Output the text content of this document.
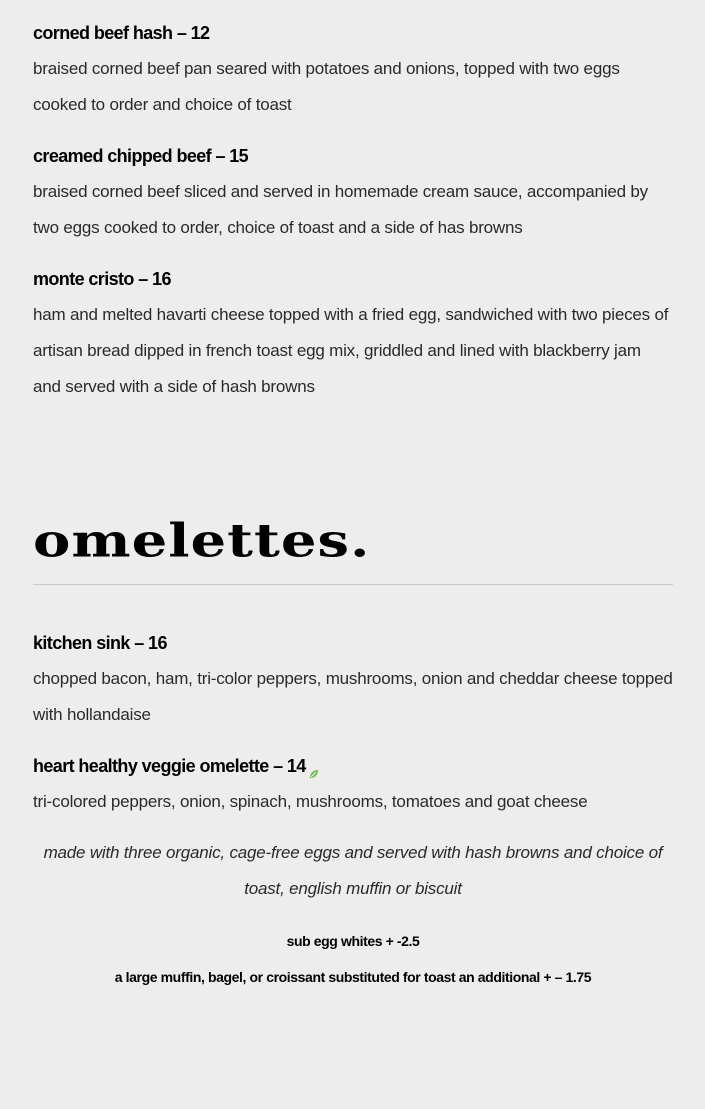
corned beef hash – 12

braised corned beef pan seared with potatoes and onions, topped with two eggs cooked to order and choice of toast

creamed chipped beef – 15

braised corned beef sliced and served in homemade cream sauce, accompanied by two eggs cooked to order, choice of toast and a side of has browns

monte cristo – 16

ham and melted havarti cheese topped with a fried egg, sandwiched with two pieces of artisan bread dipped in french toast egg mix, griddled and lined with blackberry jam and served with a side of hash browns

omelettes.

kitchen sink – 16

chopped bacon, ham, tri-color peppers, mushrooms, onion and cheddar cheese topped with hollandaise

heart healthy veggie omelette – 14

tri-colored peppers, onion, spinach, mushrooms, tomatoes and goat cheese

made with three organic, cage-free eggs and served with hash browns and choice of toast, english muffin or biscuit

sub egg whites + -2.5

a large muffin, bagel, or croissant substituted for toast an additional + – 1.75
